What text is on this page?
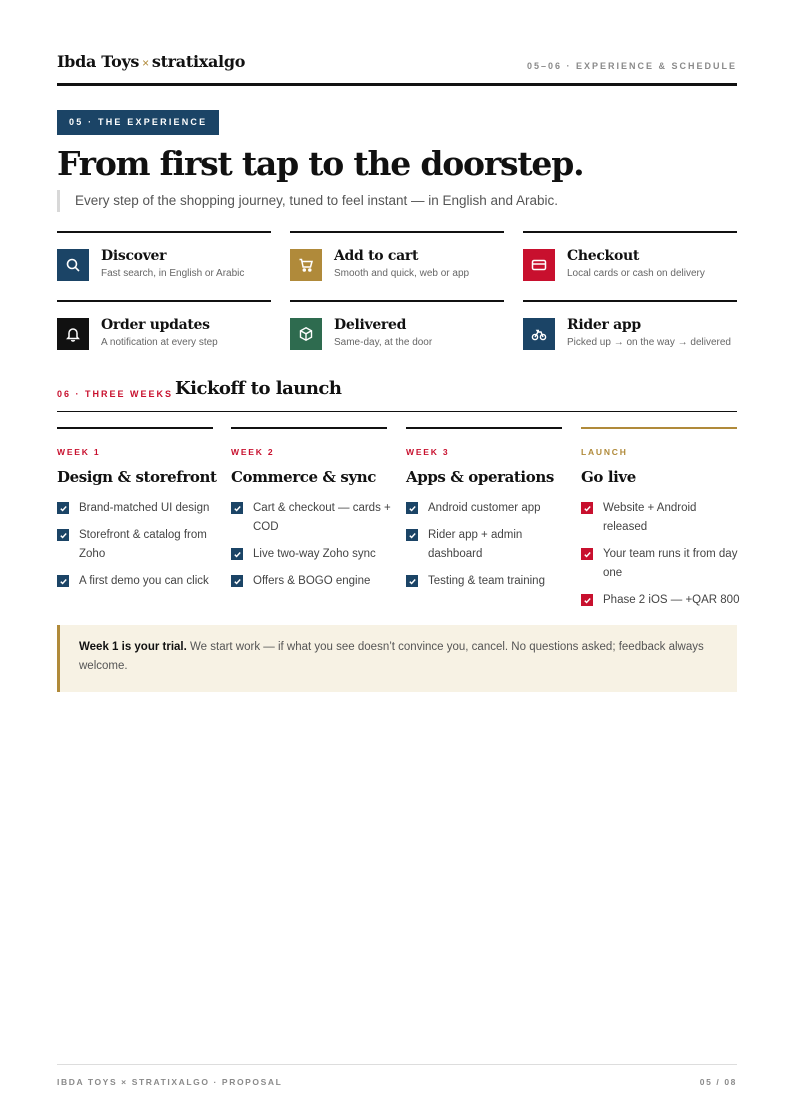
Ibda Toys × stratixalgo	05–06 · EXPERIENCE & SCHEDULE
05 · THE EXPERIENCE
From first tap to the doorstep.

Every step of the shopping journey, tuned to feel instant — in English and Arabic.

Discover
Fast search, in English or Arabic
Add to cart
Smooth and quick, web or app
Checkout
Local cards or cash on delivery
Order updates
A notification at every step
Delivered
Same-day, at the door
Rider app
Picked up → on the way → delivered
06 · THREE WEEKS Kickoff to launch
WEEK 1
Design & storefront
Brand-matched UI design
Storefront & catalog from Zoho
A first demo you can click
WEEK 2
Commerce & sync
Cart & checkout — cards + COD
Live two-way Zoho sync
Offers & BOGO engine
WEEK 3
Apps & operations
Android customer app
Rider app + admin dashboard
Testing & team training
LAUNCH
Go live
Website + Android released
Your team runs it from day one
Phase 2 iOS — +QAR 800
Week 1 is your trial. We start work — if what you see doesn’t convince you, cancel. No questions asked; feedback always welcome.
IBDA TOYS × STRATIXALGO · PROPOSAL	05 / 08
